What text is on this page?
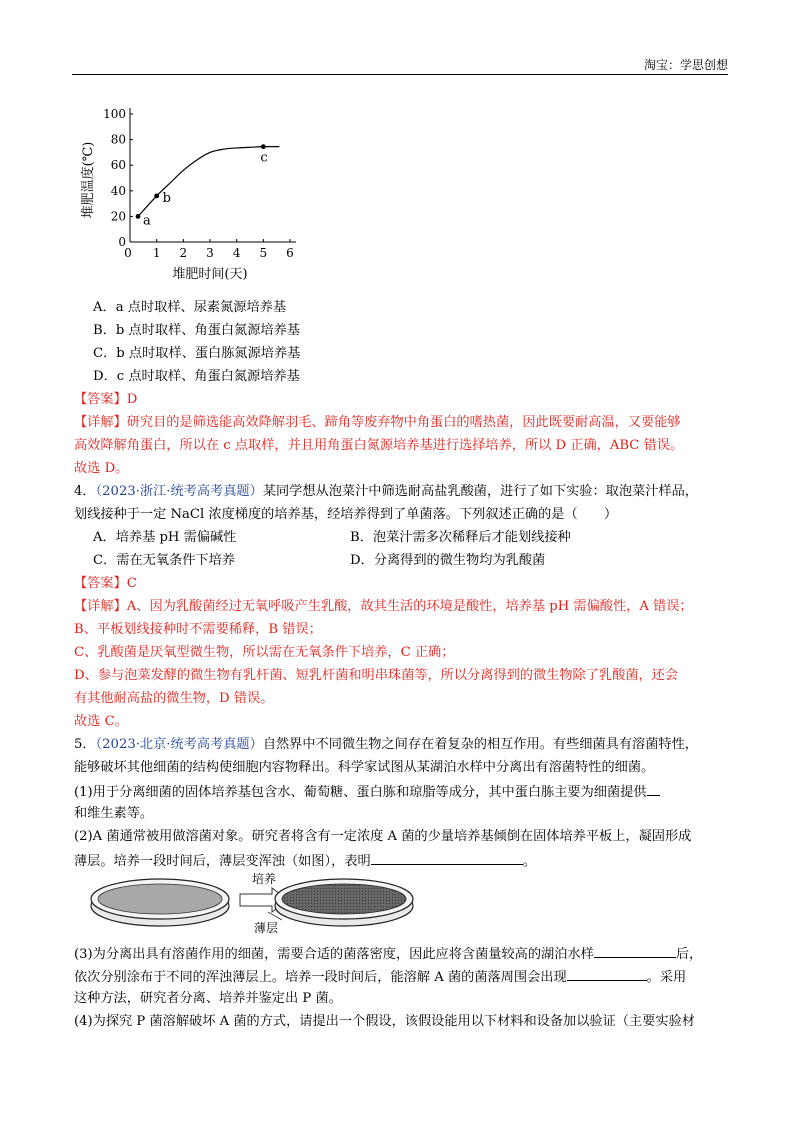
淘宝：学思创想
0
20
40
60
80
100
0 1 2 3 4 5 6
a
b
c
堆肥温度(℃)
堆肥时间(天)
A．a 点时取样、尿素氮源培养基
B．b 点时取样、角蛋白氮源培养基
C．b 点时取样、蛋白胨氮源培养基
D．c 点时取样、角蛋白氮源培养基
【答案】D
【详解】研究目的是筛选能高效降解羽毛、蹄角等废弃物中角蛋白的嗜热菌，因此既要耐高温，又要能够
高效降解角蛋白，所以在 c 点取样，并且用角蛋白氮源培养基进行选择培养，所以 D 正确，ABC 错误。
故选 D。
4．（2023·浙江·统考高考真题）某同学想从泡菜汁中筛选耐高盐乳酸菌，进行了如下实验：取泡菜汁样品，
划线接种于一定 NaCl 浓度梯度的培养基，经培养得到了单菌落。下列叙述正确的是（　　）
A．培养基 pH 需偏碱性	B．泡菜汁需多次稀释后才能划线接种
C．需在无氧条件下培养	D．分离得到的微生物均为乳酸菌
【答案】C
【详解】A、因为乳酸菌经过无氧呼吸产生乳酸，故其生活的环境是酸性，培养基 pH 需偏酸性，A 错误；
B、平板划线接种时不需要稀释，B 错误；
C、乳酸菌是厌氧型微生物，所以需在无氧条件下培养，C 正确；
D、参与泡菜发酵的微生物有乳杆菌、短乳杆菌和明串珠菌等，所以分离得到的微生物除了乳酸菌，还会
有其他耐高盐的微生物，D 错误。
故选 C。
5．（2023·北京·统考高考真题）自然界中不同微生物之间存在着复杂的相互作用。有些细菌具有溶菌特性，
能够破坏其他细菌的结构使细胞内容物释出。科学家试图从某湖泊水样中分离出有溶菌特性的细菌。
(1)用于分离细菌的固体培养基包含水、葡萄糖、蛋白胨和琼脂等成分，其中蛋白胨主要为细菌提供
和维生素等。
(2)A 菌通常被用做溶菌对象。研究者将含有一定浓度 A 菌的少量培养基倾倒在固体培养平板上，凝固形成
薄层。培养一段时间后，薄层变浑浊（如图），表明	。
培养
薄层
(3)为分离出具有溶菌作用的细菌，需要合适的菌落密度，因此应将含菌量较高的湖泊水样	后，
依次分别涂布于不同的浑浊薄层上。培养一段时间后，能溶解 A 菌的菌落周围会出现	。采用
这种方法，研究者分离、培养并鉴定出 P 菌。
(4)为探究 P 菌溶解破坏 A 菌的方式，请提出一个假设，该假设能用以下材料和设备加以验证（主要实验材
